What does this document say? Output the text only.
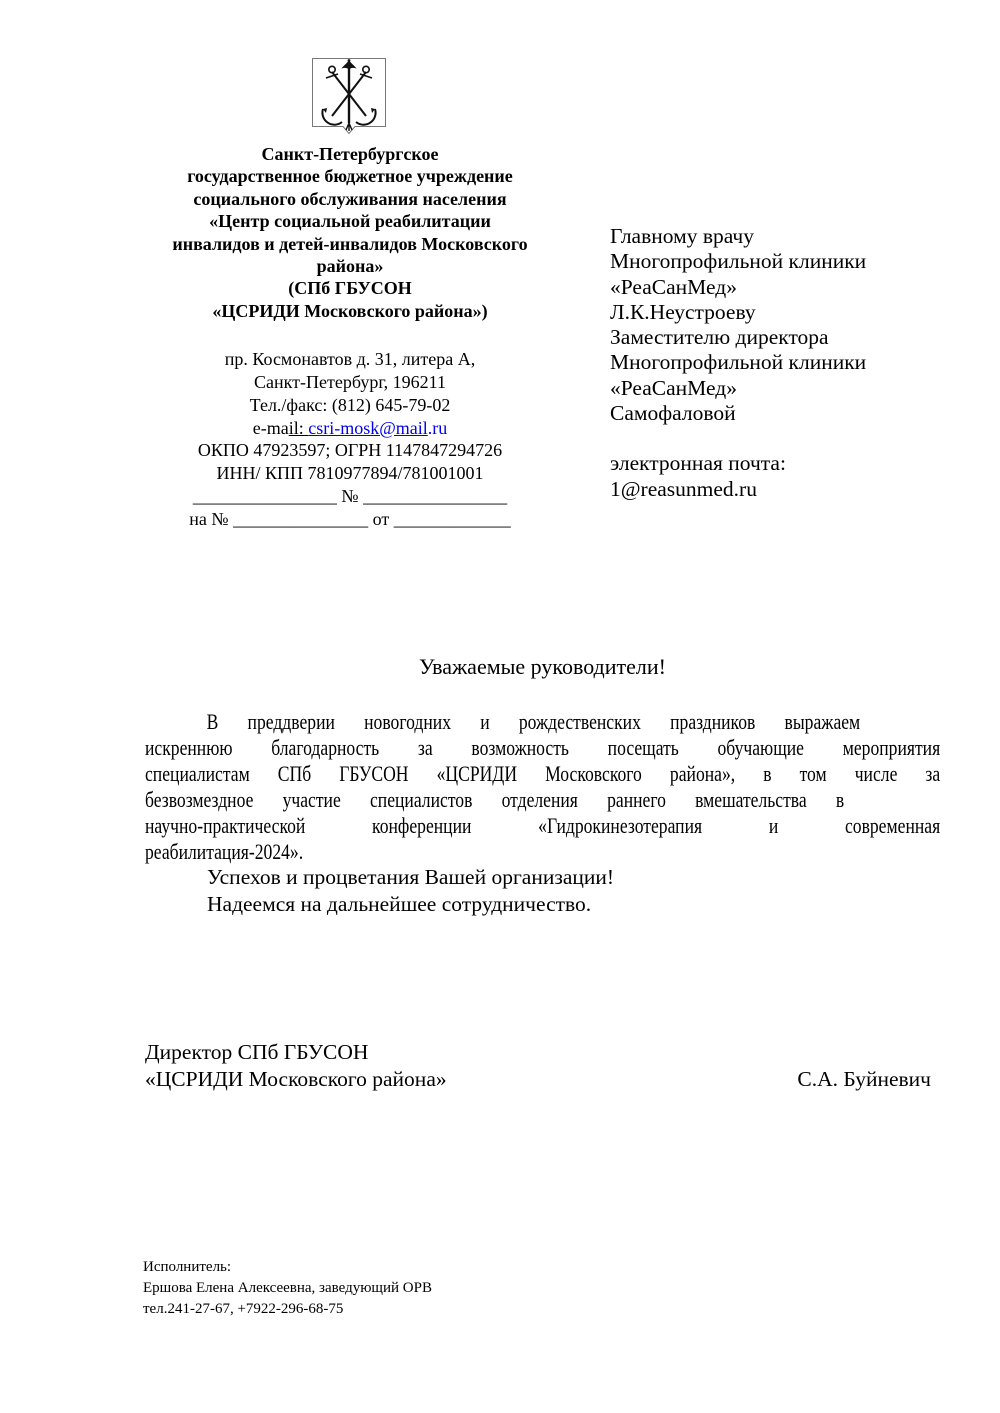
Санкт-Петербургское
государственное бюджетное учреждение
социального обслуживания населения
«Центр социальной реабилитации
инвалидов и детей-инвалидов Московского
района»
(СПб ГБУСОН
«ЦСРИДИ Московского района»)
пр. Космонавтов д. 31, литера А,
Санкт-Петербург, 196211
Тел./факс: (812) 645-79-02
e-mail: csri-mosk@mail.ru
ОКПО 47923597; ОГРН 1147847294726
ИНН/ КПП 7810977894/781001001
________________ № ________________
на № _______________ от _____________
Главному врачу
Многопрофильной клиники
«РеаСанМед»
Л.К.Неустроеву
Заместителю директора
Многопрофильной клиники
«РеаСанМед»
Самофаловой
электронная почта:
1@reasunmed.ru
Уважаемые руководители!
В преддверии новогодних и рождественских праздников выражаем
искреннюю благодарность за возможность посещать обучающие мероприятия
специалистам СПб ГБУСОН «ЦСРИДИ Московского района», в том числе за
безвозмездное участие специалистов отделения раннего вмешательства в
научно-практической конференции «Гидрокинезотерапия и современная
реабилитация-2024».
Успехов и процветания Вашей организации!
Надеемся на дальнейшее сотрудничество.
Директор СПб ГБУСОН
«ЦСРИДИ Московского района»	С.А. Буйневич
Исполнитель:
Ершова Елена Алексеевна, заведующий ОРВ
тел.241-27-67, +7922-296-68-75
